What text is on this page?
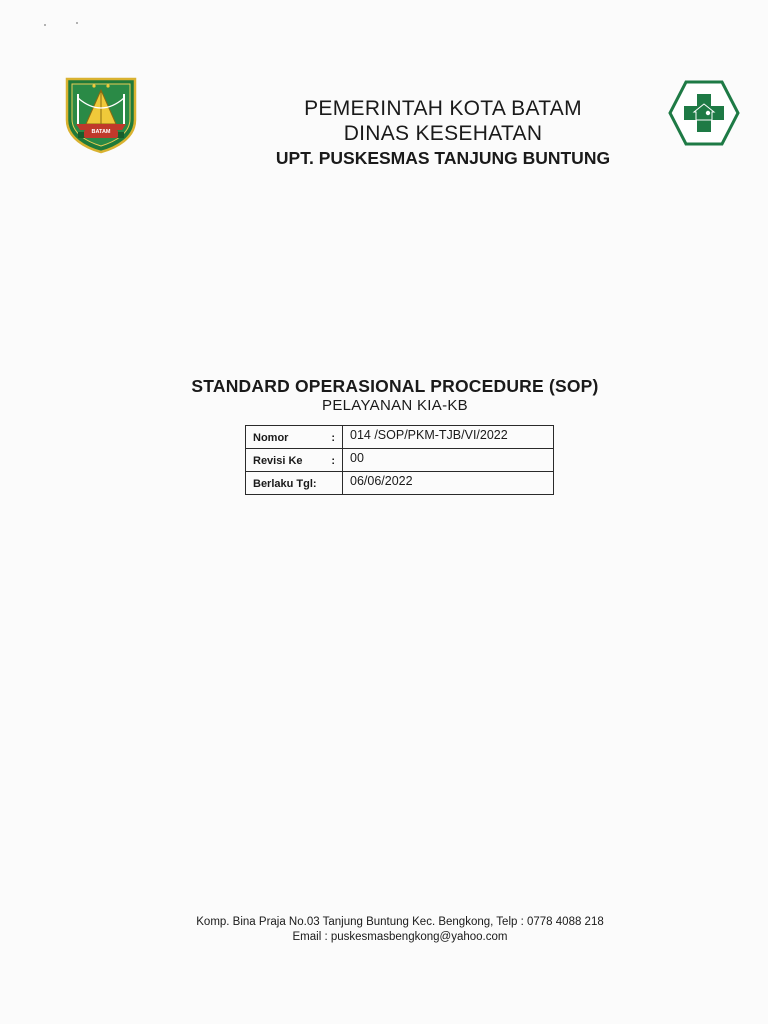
BATAM
PEMERINTAH KOTA BATAM
DINAS KESEHATAN
UPT. PUSKESMAS TANJUNG BUNTUNG
STANDARD OPERASIONAL PROCEDURE (SOP)
PELAYANAN KIA-KB
Nomor :	014 /SOP/PKM-TJB/VI/2022
Revisi Ke :	00
Berlaku Tgl:	06/06/2022
Komp. Bina Praja No.03 Tanjung Buntung Kec. Bengkong, Telp : 0778 4088 218
Email : puskesmasbengkong@yahoo.com
